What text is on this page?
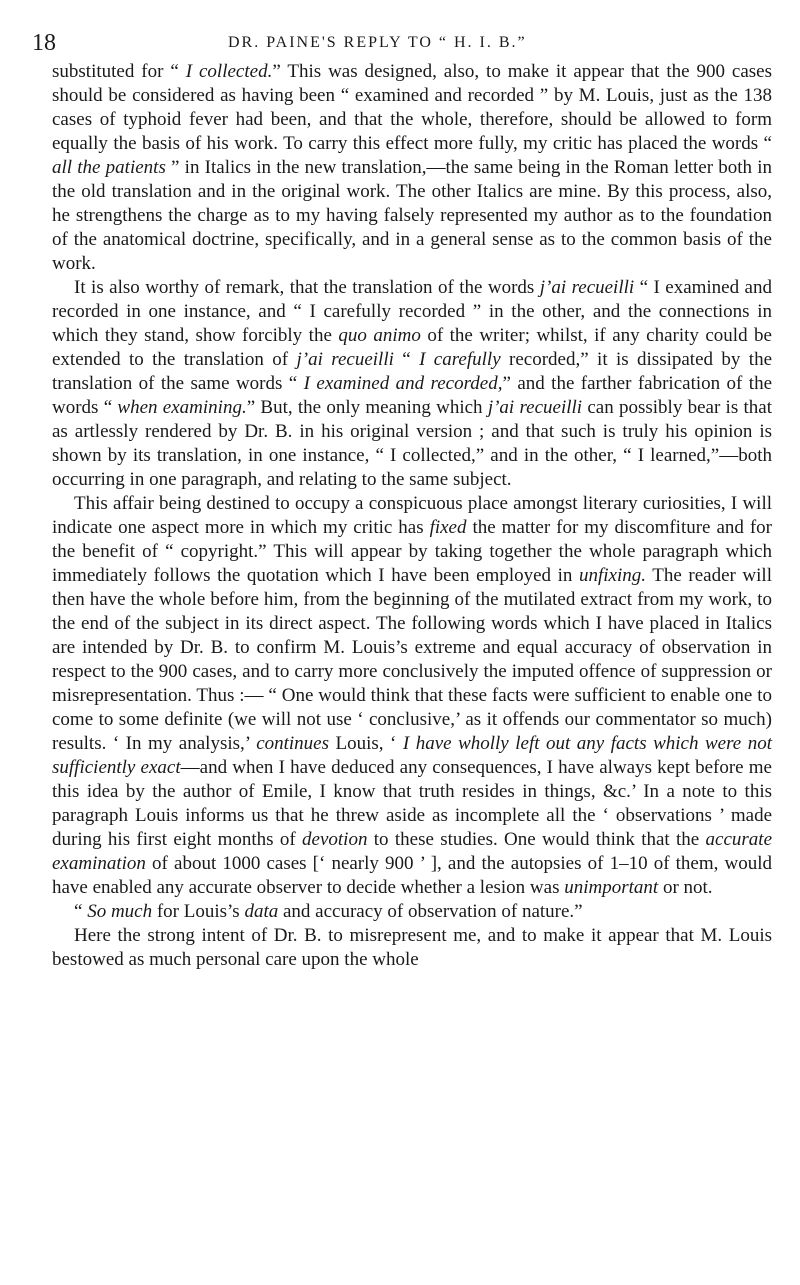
18	DR. PAINE'S REPLY TO “ H. I. B.”

substituted for “ I collected.” This was designed, also, to make it appear that the 900 cases should be considered as having been “ examined and recorded ” by M. Louis, just as the 138 cases of typhoid fever had been, and that the whole, therefore, should be allowed to form equally the basis of his work. To carry this effect more fully, my critic has placed the words “ all the patients ” in Italics in the new translation,—the same being in the Roman letter both in the old translation and in the original work. The other Italics are mine. By this process, also, he strengthens the charge as to my having falsely represented my author as to the foundation of the anatomical doctrine, specifically, and in a general sense as to the common basis of the work.

It is also worthy of remark, that the translation of the words j’ai recueilli “ I examined and recorded in one instance, and “ I carefully recorded ” in the other, and the connections in which they stand, show forcibly the quo animo of the writer; whilst, if any charity could be extended to the translation of j’ai recueilli “ I carefully recorded,” it is dissipated by the translation of the same words “ I examined and recorded,” and the farther fabrication of the words “ when examining.” But, the only meaning which j’ai recueilli can possibly bear is that as artlessly rendered by Dr. B. in his original version ; and that such is truly his opinion is shown by its translation, in one instance, “ I collected,” and in the other, “ I learned,”—both occurring in one paragraph, and relating to the same subject.

This affair being destined to occupy a conspicuous place amongst literary curiosities, I will indicate one aspect more in which my critic has fixed the matter for my discomfiture and for the benefit of “ copyright.” This will appear by taking together the whole paragraph which immediately follows the quotation which I have been employed in unfixing. The reader will then have the whole before him, from the beginning of the mutilated extract from my work, to the end of the subject in its direct aspect. The following words which I have placed in Italics are intended by Dr. B. to confirm M. Louis’s extreme and equal accuracy of observation in respect to the 900 cases, and to carry more conclusively the imputed offence of suppression or misrepresentation. Thus :— “ One would think that these facts were sufficient to enable one to come to some definite (we will not use ‘ conclusive,’ as it offends our commentator so much) results. ‘ In my analysis,’ continues Louis, ‘ I have wholly left out any facts which were not sufficiently exact—and when I have deduced any consequences, I have always kept before me this idea by the author of Emile, I know that truth resides in things, &c.’ In a note to this paragraph Louis informs us that he threw aside as incomplete all the ‘ observations ’ made during his first eight months of devotion to these studies. One would think that the accurate examination of about 1000 cases [‘ nearly 900 ’ ], and the autopsies of 1–10 of them, would have enabled any accurate observer to decide whether a lesion was unimportant or not.

“ So much for Louis’s data and accuracy of observation of nature.”

Here the strong intent of Dr. B. to misrepresent me, and to make it appear that M. Louis bestowed as much personal care upon the whole
